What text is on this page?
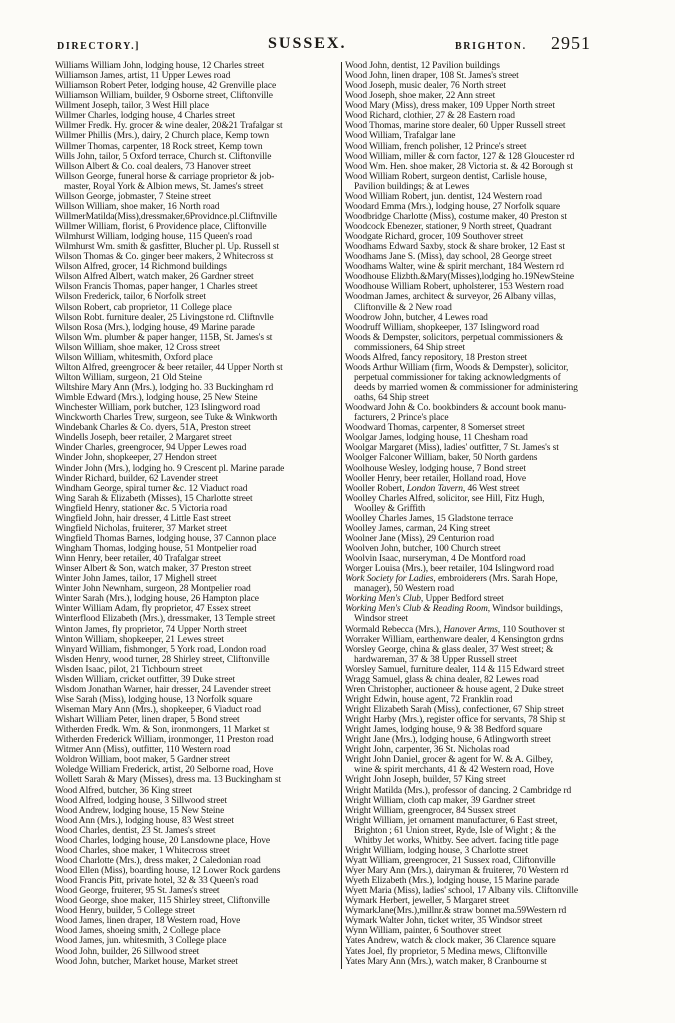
DIRECTORY.]	SUSSEX.	BRIGHTON. 2951
Williams William John, lodging house, 12 Charles street
Williamson James, artist, 11 Upper Lewes road
Williamson Robert Peter, lodging house, 42 Grenville place
Williamson William, builder, 9 Osborne street, Cliftonville
Willment Joseph, tailor, 3 West Hill place
Willmer Charles, lodging house, 4 Charles street
Willmer Fredk. Hy. grocer & wine dealer, 20&21 Trafalgar st
Willmer Phillis (Mrs.), dairy, 2 Church place, Kemp town
Willmer Thomas, carpenter, 18 Rock street, Kemp town
Wills John, tailor, 5 Oxford terrace, Church st. Cliftonville
Willson Albert & Co. coal dealers, 73 Hanover street
Willson George, funeral horse & carriage proprietor & job-
master, Royal York & Albion mews, St. James's street
Willson George, jobmaster, 7 Steine street
Willson William, shoe maker, 16 North road
WillmerMatilda(Miss),dressmaker,6Providnce.pl.Cliftnville
Willmer William, florist, 6 Providence place, Cliftonville
Wilmhurst William, lodging house, 115 Queen's road
Wilmhurst Wm. smith & gasfitter, Blucher pl. Up. Russell st
Wilson Thomas & Co. ginger beer makers, 2 Whitecross st
Wilson Alfred, grocer, 14 Richmond buildings
Wilson Alfred Albert, watch maker, 26 Gardner street
Wilson Francis Thomas, paper hanger, 1 Charles street
Wilson Frederick, tailor, 6 Norfolk street
Wilson Robert, cab proprietor, 11 College place
Wilson Robt. furniture dealer, 25 Livingstone rd. Cliftnvlle
Wilson Rosa (Mrs.), lodging house, 49 Marine parade
Wilson Wm. plumber & paper hanger, 115B, St. James's st
Wilson William, shoe maker, 12 Cross street
Wilson William, whitesmith, Oxford place
Wilton Alfred, greengrocer & beer retailer, 44 Upper North st
Wilton William, surgeon, 21 Old Steine
Wiltshire Mary Ann (Mrs.), lodging ho. 33 Buckingham rd
Wimble Edward (Mrs.), lodging house, 25 New Steine
Winchester William, pork butcher, 123 Islingword road
Winckworth Charles Trew, surgeon, see Tuke & Winkworth
Windebank Charles & Co. dyers, 51A, Preston street
Windells Joseph, beer retailer, 2 Margaret street
Winder Charles, greengrocer, 94 Upper Lewes road
Winder John, shopkeeper, 27 Hendon street
Winder John (Mrs.), lodging ho. 9 Crescent pl. Marine parade
Winder Richard, builder, 62 Lavender street
Windham George, spiral turner &c. 12 Viaduct road
Wing Sarah & Elizabeth (Misses), 15 Charlotte street
Wingfield Henry, stationer &c. 5 Victoria road
Wingfield John, hair dresser, 4 Little East street
Wingfield Nicholas, fruiterer, 37 Market street
Wingfield Thomas Barnes, lodging house, 37 Cannon place
Wingham Thomas, lodging house, 51 Montpelier road
Winn Henry, beer retailer, 40 Trafalgar street
Winser Albert & Son, watch maker, 37 Preston street
Winter John James, tailor, 17 Mighell street
Winter John Newnham, surgeon, 28 Montpelier road
Winter Sarah (Mrs.), lodging house, 26 Hampton place
Winter William Adam, fly proprietor, 47 Essex street
Winterflood Elizabeth (Mrs.), dressmaker, 13 Temple street
Winton James, fly proprietor, 74 Upper North street
Winton William, shopkeeper, 21 Lewes street
Winyard William, fishmonger, 5 York road, London road
Wisden Henry, wood turner, 28 Shirley street, Cliftonville
Wisden Isaac, pilot, 21 Tichbourn street
Wisden William, cricket outfitter, 39 Duke street
Wisdom Jonathan Warner, hair dresser, 24 Lavender street
Wise Sarah (Miss), lodging house, 13 Norfolk square
Wiseman Mary Ann (Mrs.), shopkeeper, 6 Viaduct road
Wishart William Peter, linen draper, 5 Bond street
Witherden Fredk. Wm. & Son, ironmongers, 11 Market st
Witherden Frederick William, ironmonger, 11 Preston road
Witmer Ann (Miss), outfitter, 110 Western road
Woldron William, boot maker, 5 Gardner street
Woledge William Frederick, artist, 20 Selborne road, Hove
Wollett Sarah & Mary (Misses), dress ma. 13 Buckingham st
Wood Alfred, butcher, 36 King street
Wood Alfred, lodging house, 3 Sillwood street
Wood Andrew, lodging house, 15 New Steine
Wood Ann (Mrs.), lodging house, 83 West street
Wood Charles, dentist, 23 St. James's street
Wood Charles, lodging house, 20 Lansdowne place, Hove
Wood Charles, shoe maker, 1 Whitecross street
Wood Charlotte (Mrs.), dress maker, 2 Caledonian road
Wood Ellen (Miss), boarding house, 12 Lower Rock gardens
Wood Francis Pitt, private hotel, 32 & 33 Queen's road
Wood George, fruiterer, 95 St. James's street
Wood George, shoe maker, 115 Shirley street, Cliftonville
Wood Henry, builder, 5 College street
Wood James, linen draper, 18 Western road, Hove
Wood James, shoeing smith, 2 College place
Wood James, jun. whitesmith, 3 College place
Wood John, builder, 26 Sillwood street
Wood John, butcher, Market house, Market street
Wood John, dentist, 12 Pavilion buildings
Wood John, linen draper, 108 St. James's street
Wood Joseph, music dealer, 76 North street
Wood Joseph, shoe maker, 22 Ann street
Wood Mary (Miss), dress maker, 109 Upper North street
Wood Richard, clothier, 27 & 28 Eastern road
Wood Thomas, marine store dealer, 60 Upper Russell street
Wood William, Trafalgar lane
Wood William, french polisher, 12 Prince's street
Wood William, miller & corn factor, 127 & 128 Gloucester rd
Wood Wm. Hen. shoe maker, 28 Victoria st. & 42 Borough st
Wood William Robert, surgeon dentist, Carlisle house,
Pavilion buildings; & at Lewes
Wood William Robert, jun. dentist, 124 Western road
Woodard Emma (Mrs.), lodging house, 27 Norfolk square
Woodbridge Charlotte (Miss), costume maker, 40 Preston st
Woodcock Ebenezer, stationer, 9 North street, Quadrant
Woodgate Richard, grocer, 109 Southover street
Woodhams Edward Saxby, stock & share broker, 12 East st
Woodhams Jane S. (Miss), day school, 28 George street
Woodhams Walter, wine & spirit merchant, 184 Western rd
Woodhouse Elizbth.&Mary(Misses),lodging ho.19NewSteine
Woodhouse William Robert, upholsterer, 153 Western road
Woodman James, architect & surveyor, 26 Albany villas,
Cliftonville & 2 New road
Woodrow John, butcher, 4 Lewes road
Woodruff William, shopkeeper, 137 Islingword road
Woods & Dempster, solicitors, perpetual commissioners &
commissioners, 64 Ship street
Woods Alfred, fancy repository, 18 Preston street
Woods Arthur William (firm, Woods & Dempster), solicitor,
perpetual commissioner for taking acknowledgments of
deeds by married women & commissioner for administering
oaths, 64 Ship street
Woodward John & Co. bookbinders & account book manu-
facturers, 2 Prince's place
Woodward Thomas, carpenter, 8 Somerset street
Woolgar James, lodging house, 11 Chesham road
Woolgar Margaret (Miss), ladies' outfitter, 7 St. James's st
Woolger Falconer William, baker, 50 North gardens
Woolhouse Wesley, lodging house, 7 Bond street
Wooller Henry, beer retailer, Holland road, Hove
Wooller Robert, London Tavern, 46 West street
Woolley Charles Alfred, solicitor, see Hill, Fitz Hugh,
Woolley & Griffith
Woolley Charles James, 15 Gladstone terrace
Woolley James, carman, 24 King street
Woolner Jane (Miss), 29 Centurion road
Woolven John, butcher, 100 Church street
Woolvin Isaac, nurseryman, 4 De Montford road
Worger Louisa (Mrs.), beer retailer, 104 Islingword road
Work Society for Ladies, embroiderers (Mrs. Sarah Hope,
manager), 50 Western road
Working Men's Club, Upper Bedford street
Working Men's Club & Reading Room, Windsor buildings,
Windsor street
Wormald Rebecca (Mrs.), Hanover Arms, 110 Southover st
Worraker William, earthenware dealer, 4 Kensington grdns
Worsley George, china & glass dealer, 37 West street; &
hardwareman, 37 & 38 Upper Russell street
Worsley Samuel, furniture dealer, 114 & 115 Edward street
Wragg Samuel, glass & china dealer, 82 Lewes road
Wren Christopher, auctioneer & house agent, 2 Duke street
Wright Edwin, house agent, 72 Franklin road
Wright Elizabeth Sarah (Miss), confectioner, 67 Ship street
Wright Harby (Mrs.), register office for servants, 78 Ship st
Wright James, lodging house, 9 & 38 Bedford square
Wright Jane (Mrs.), lodging house, 6 Atlingworth street
Wright John, carpenter, 36 St. Nicholas road
Wright John Daniel, grocer & agent for W. & A. Gilbey,
wine & spirit merchants, 41 & 42 Western road, Hove
Wright John Joseph, builder, 57 King street
Wright Matilda (Mrs.), professor of dancing. 2 Cambridge rd
Wright William, cloth cap maker, 39 Gardner street
Wright William, greengrocer, 84 Sussex street
Wright William, jet ornament manufacturer, 6 East street,
Brighton ; 61 Union street, Ryde, Isle of Wight ; & the
Whitby Jet works, Whitby. See advert. facing title page
Wright William, lodging house, 3 Charlotte street
Wyatt William, greengrocer, 21 Sussex road, Cliftonville
Wyer Mary Ann (Mrs.), dairyman & fruiterer, 70 Western rd
Wyeth Elizabeth (Mrs.), lodging house, 15 Marine parade
Wyett Maria (Miss), ladies' school, 17 Albany vils. Cliftonville
Wymark Herbert, jeweller, 5 Margaret street
WymarkJane(Mrs.),millnr.& straw bonnet ma.59Western rd
Wymark Walter John, ticket writer, 35 Windsor street
Wynn William, painter, 6 Southover street
Yates Andrew, watch & clock maker, 36 Clarence square
Yates Joel, fly proprietor, 5 Medina mews, Cliftonville
Yates Mary Ann (Mrs.), watch maker, 8 Cranbourne st
